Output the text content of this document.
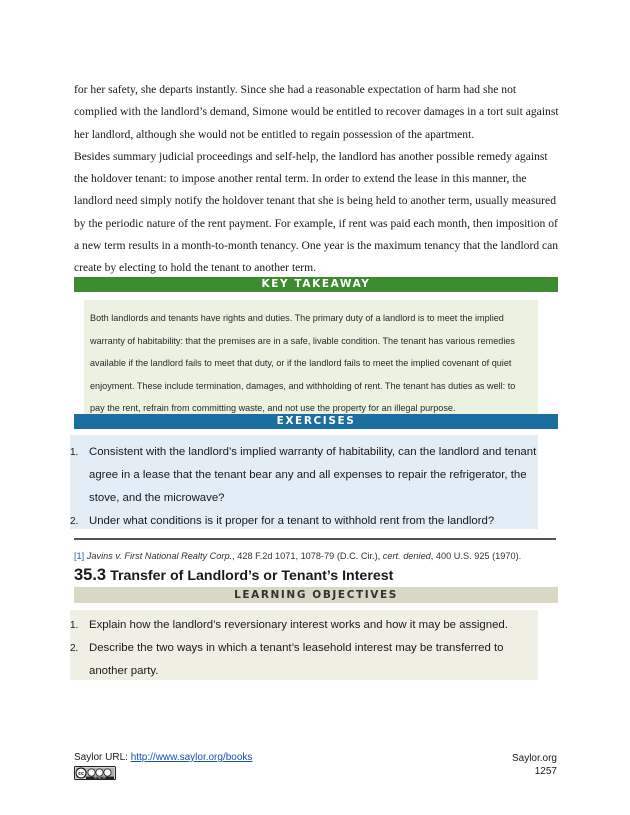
for her safety, she departs instantly. Since she had a reasonable expectation of harm had she not complied with the landlord’s demand, Simone would be entitled to recover damages in a tort suit against her landlord, although she would not be entitled to regain possession of the apartment.

Besides summary judicial proceedings and self-help, the landlord has another possible remedy against the holdover tenant: to impose another rental term. In order to extend the lease in this manner, the landlord need simply notify the holdover tenant that she is being held to another term, usually measured by the periodic nature of the rent payment. For example, if rent was paid each month, then imposition of a new term results in a month-to-month tenancy. One year is the maximum tenancy that the landlord can create by electing to hold the tenant to another term.

KEY TAKEAWAY

Both landlords and tenants have rights and duties. The primary duty of a landlord is to meet the implied warranty of habitability: that the premises are in a safe, livable condition. The tenant has various remedies available if the landlord fails to meet that duty, or if the landlord fails to meet the implied covenant of quiet enjoyment. These include termination, damages, and withholding of rent. The tenant has duties as well: to pay the rent, refrain from committing waste, and not use the property for an illegal purpose.

EXERCISES
1. Consistent with the landlord’s implied warranty of habitability, can the landlord and tenant agree in a lease that the tenant bear any and all expenses to repair the refrigerator, the stove, and the microwave?
2. Under what conditions is it proper for a tenant to withhold rent from the landlord?
[1] Javins v. First National Realty Corp., 428 F.2d 1071, 1078-79 (D.C. Cir.), cert. denied, 400 U.S. 925 (1970).
35.3 Transfer of Landlord’s or Tenant’s Interest
LEARNING OBJECTIVES
1. Explain how the landlord’s reversionary interest works and how it may be assigned.
2. Describe the two ways in which a tenant’s leasehold interest may be transferred to another party.
Saylor URL: http://www.saylor.org/books
cc
BY NC SA
Saylor.org
1257
